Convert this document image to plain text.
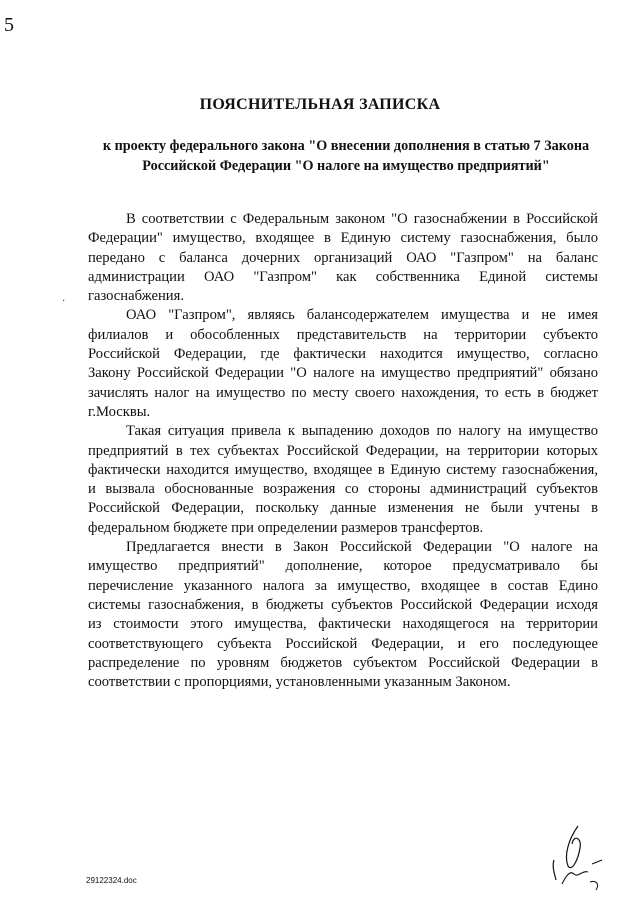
5
·
ПОЯСНИТЕЛЬНАЯ ЗАПИСКА
к проекту федерального закона "О внесении дополнения в статью 7 Закона
Российской Федерации "О налоге на имущество предприятий"
В соответствии с Федеральным законом "О газоснабжении в Российской
Федерации" имущество, входящее в Единую систему газоснабжения, было
передано с баланса дочерних организаций ОАО "Газпром" на баланс
администрации ОАО "Газпром" как собственника Единой системы
газоснабжения.
ОАО "Газпром", являясь балансодержателем имущества и не имея
филиалов и обособленных представительств на территории субъекто
Российской Федерации, где фактически находится имущество, согласно
Закону Российской Федерации "О налоге на имущество предприятий" обязано
зачислять налог на имущество по месту своего нахождения, то есть в бюджет
г.Москвы.
Такая ситуация привела к выпадению доходов по налогу на имущество
предприятий в тех субъектах Российской Федерации, на территории которых
фактически находится имущество, входящее в Единую систему газоснабжения,
и вызвала обоснованные возражения со стороны администраций субъектов
Российской Федерации, поскольку данные изменения не были учтены в
федеральном бюджете при определении размеров трансфертов.
Предлагается внести в Закон Российской Федерации "О налоге на
имущество предприятий" дополнение, которое предусматривало бы
перечисление указанного налога за имущество, входящее в состав Едино
системы газоснабжения, в бюджеты субъектов Российской Федерации исходя
из стоимости этого имущества, фактически находящегося на территории
соответствующего субъекта Российской Федерации, и его последующее
распределение по уровням бюджетов субъектом Российской Федерации в
соответствии с пропорциями, установленными указанным Законом.
29122324.doc
